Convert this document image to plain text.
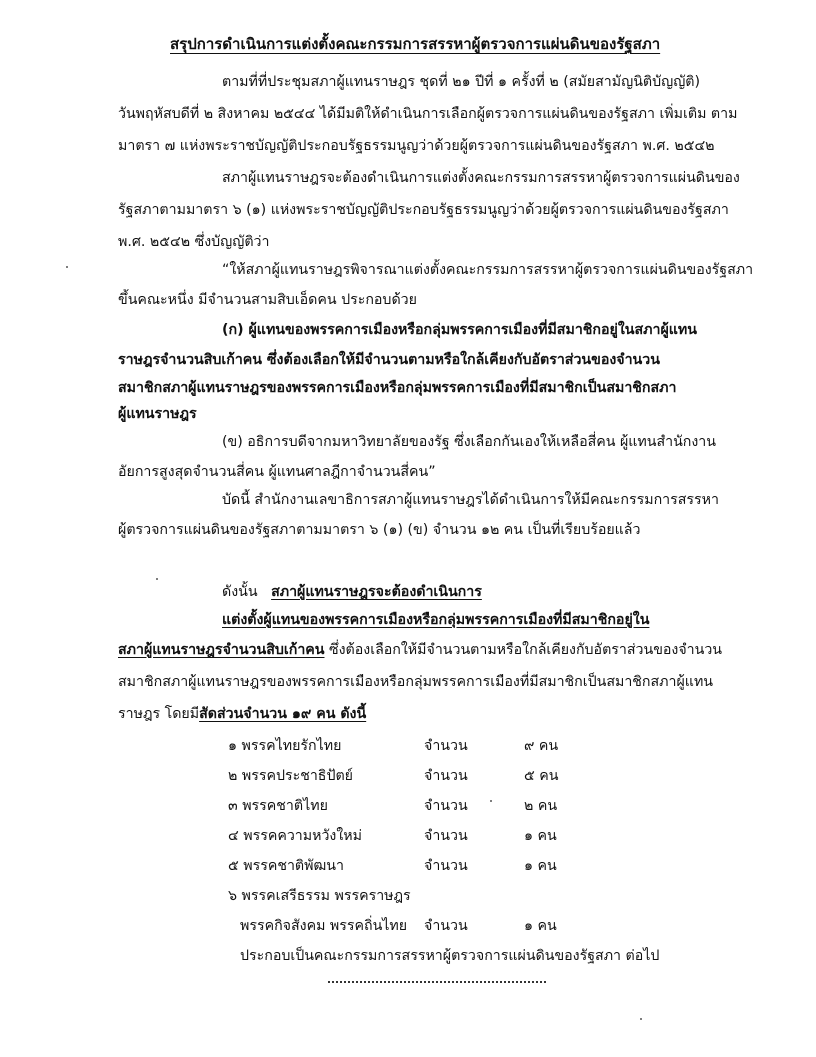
สรุปการดำเนินการแต่งตั้งคณะกรรมการสรรหาผู้ตรวจการแผ่นดินของรัฐสภา
ตามที่ที่ประชุมสภาผู้แทนราษฎร ชุดที่ ๒๑ ปีที่ ๑ ครั้งที่ ๒ (สมัยสามัญนิติบัญญัติ)
วันพฤหัสบดีที่ ๒ สิงหาคม ๒๕๔๔ ได้มีมติให้ดำเนินการเลือกผู้ตรวจการแผ่นดินของรัฐสภา เพิ่มเติม ตาม
มาตรา ๗ แห่งพระราชบัญญัติประกอบรัฐธรรมนูญว่าด้วยผู้ตรวจการแผ่นดินของรัฐสภา พ.ศ. ๒๕๔๒
สภาผู้แทนราษฎรจะต้องดำเนินการแต่งตั้งคณะกรรมการสรรหาผู้ตรวจการแผ่นดินของ
รัฐสภาตามมาตรา ๖ (๑) แห่งพระราชบัญญัติประกอบรัฐธรรมนูญว่าด้วยผู้ตรวจการแผ่นดินของรัฐสภา
พ.ศ. ๒๕๔๒ ซึ่งบัญญัติว่า
“ให้สภาผู้แทนราษฎรพิจารณาแต่งตั้งคณะกรรมการสรรหาผู้ตรวจการแผ่นดินของรัฐสภา
ขึ้นคณะหนึ่ง มีจำนวนสามสิบเอ็ดคน ประกอบด้วย
(ก) ผู้แทนของพรรคการเมืองหรือกลุ่มพรรคการเมืองที่มีสมาชิกอยู่ในสภาผู้แทน
ราษฎรจำนวนสิบเก้าคน ซึ่งต้องเลือกให้มีจำนวนตามหรือใกล้เคียงกับอัตราส่วนของจำนวน
สมาชิกสภาผู้แทนราษฎรของพรรคการเมืองหรือกลุ่มพรรคการเมืองที่มีสมาชิกเป็นสมาชิกสภา
ผู้แทนราษฎร
(ข) อธิการบดีจากมหาวิทยาลัยของรัฐ ซึ่งเลือกกันเองให้เหลือสี่คน ผู้แทนสำนักงาน
อัยการสูงสุดจำนวนสี่คน ผู้แทนศาลฎีกาจำนวนสี่คน”
บัดนี้ สำนักงานเลขาธิการสภาผู้แทนราษฎรได้ดำเนินการให้มีคณะกรรมการสรรหา
ผู้ตรวจการแผ่นดินของรัฐสภาตามมาตรา ๖ (๑) (ข) จำนวน ๑๒ คน เป็นที่เรียบร้อยแล้ว
ดังนั้น สภาผู้แทนราษฎรจะต้องดำเนินการ
แต่งตั้งผู้แทนของพรรคการเมืองหรือกลุ่มพรรคการเมืองที่มีสมาชิกอยู่ใน
สภาผู้แทนราษฎรจำนวนสิบเก้าคน ซึ่งต้องเลือกให้มีจำนวนตามหรือใกล้เคียงกับอัตราส่วนของจำนวน
สมาชิกสภาผู้แทนราษฎรของพรรคการเมืองหรือกลุ่มพรรคการเมืองที่มีสมาชิกเป็นสมาชิกสภาผู้แทน
ราษฎร โดยมีสัดส่วนจำนวน ๑๙ คน ดังนี้
๑ พรรคไทยรักไทย	จำนวน	๙ คน
๒ พรรคประชาธิปัตย์	จำนวน	๕ คน
๓ พรรคชาติไทย	จำนวน	๒ คน
๔ พรรคความหวังใหม่	จำนวน	๑ คน
๕ พรรคชาติพัฒนา	จำนวน	๑ คน
๖ พรรคเสรีธรรม พรรคราษฎร
พรรคกิจสังคม พรรคถิ่นไทย จำนวน	๑ คน
ประกอบเป็นคณะกรรมการสรรหาผู้ตรวจการแผ่นดินของรัฐสภา ต่อไป
